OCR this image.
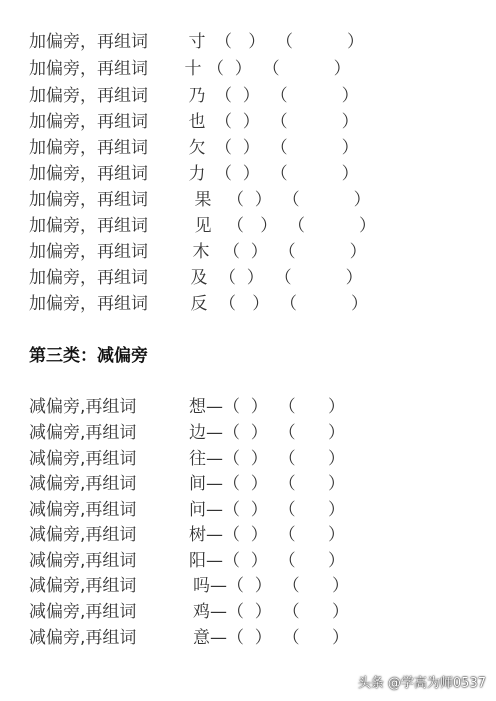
加偏旁，再组词 寸 （   ）  （          ）
加偏旁，再组词 十 （  ）  （          ）
加偏旁，再组词 乃 （  ）  （          ）
加偏旁，再组词 也 （  ）  （          ）
加偏旁，再组词 欠 （  ）  （          ）
加偏旁，再组词 力 （  ）  （          ）
加偏旁，再组词	果 （  ）  （          ）
加偏旁，再组词	见 （   ）  （          ）
加偏旁，再组词	木 （  ）  （          ）
加偏旁，再组词	及 （  ）  （          ）
加偏旁，再组词	反 （   ）  （          ）
第三类：减偏旁
减偏旁,再组词	想—（  ）  （      ）
减偏旁,再组词	边—（  ）  （      ）
减偏旁,再组词	往—（  ）  （      ）
减偏旁,再组词	间—（  ）  （      ）
减偏旁,再组词	问—（  ）  （      ）
减偏旁,再组词	树—（  ）  （      ）
减偏旁,再组词	阳—（  ）  （      ）
减偏旁,再组词	吗—（  ）  （      ）
减偏旁,再组词	鸡—（  ）  （      ）
减偏旁,再组词	意—（  ）  （      ）
头条 @学高为师0537
